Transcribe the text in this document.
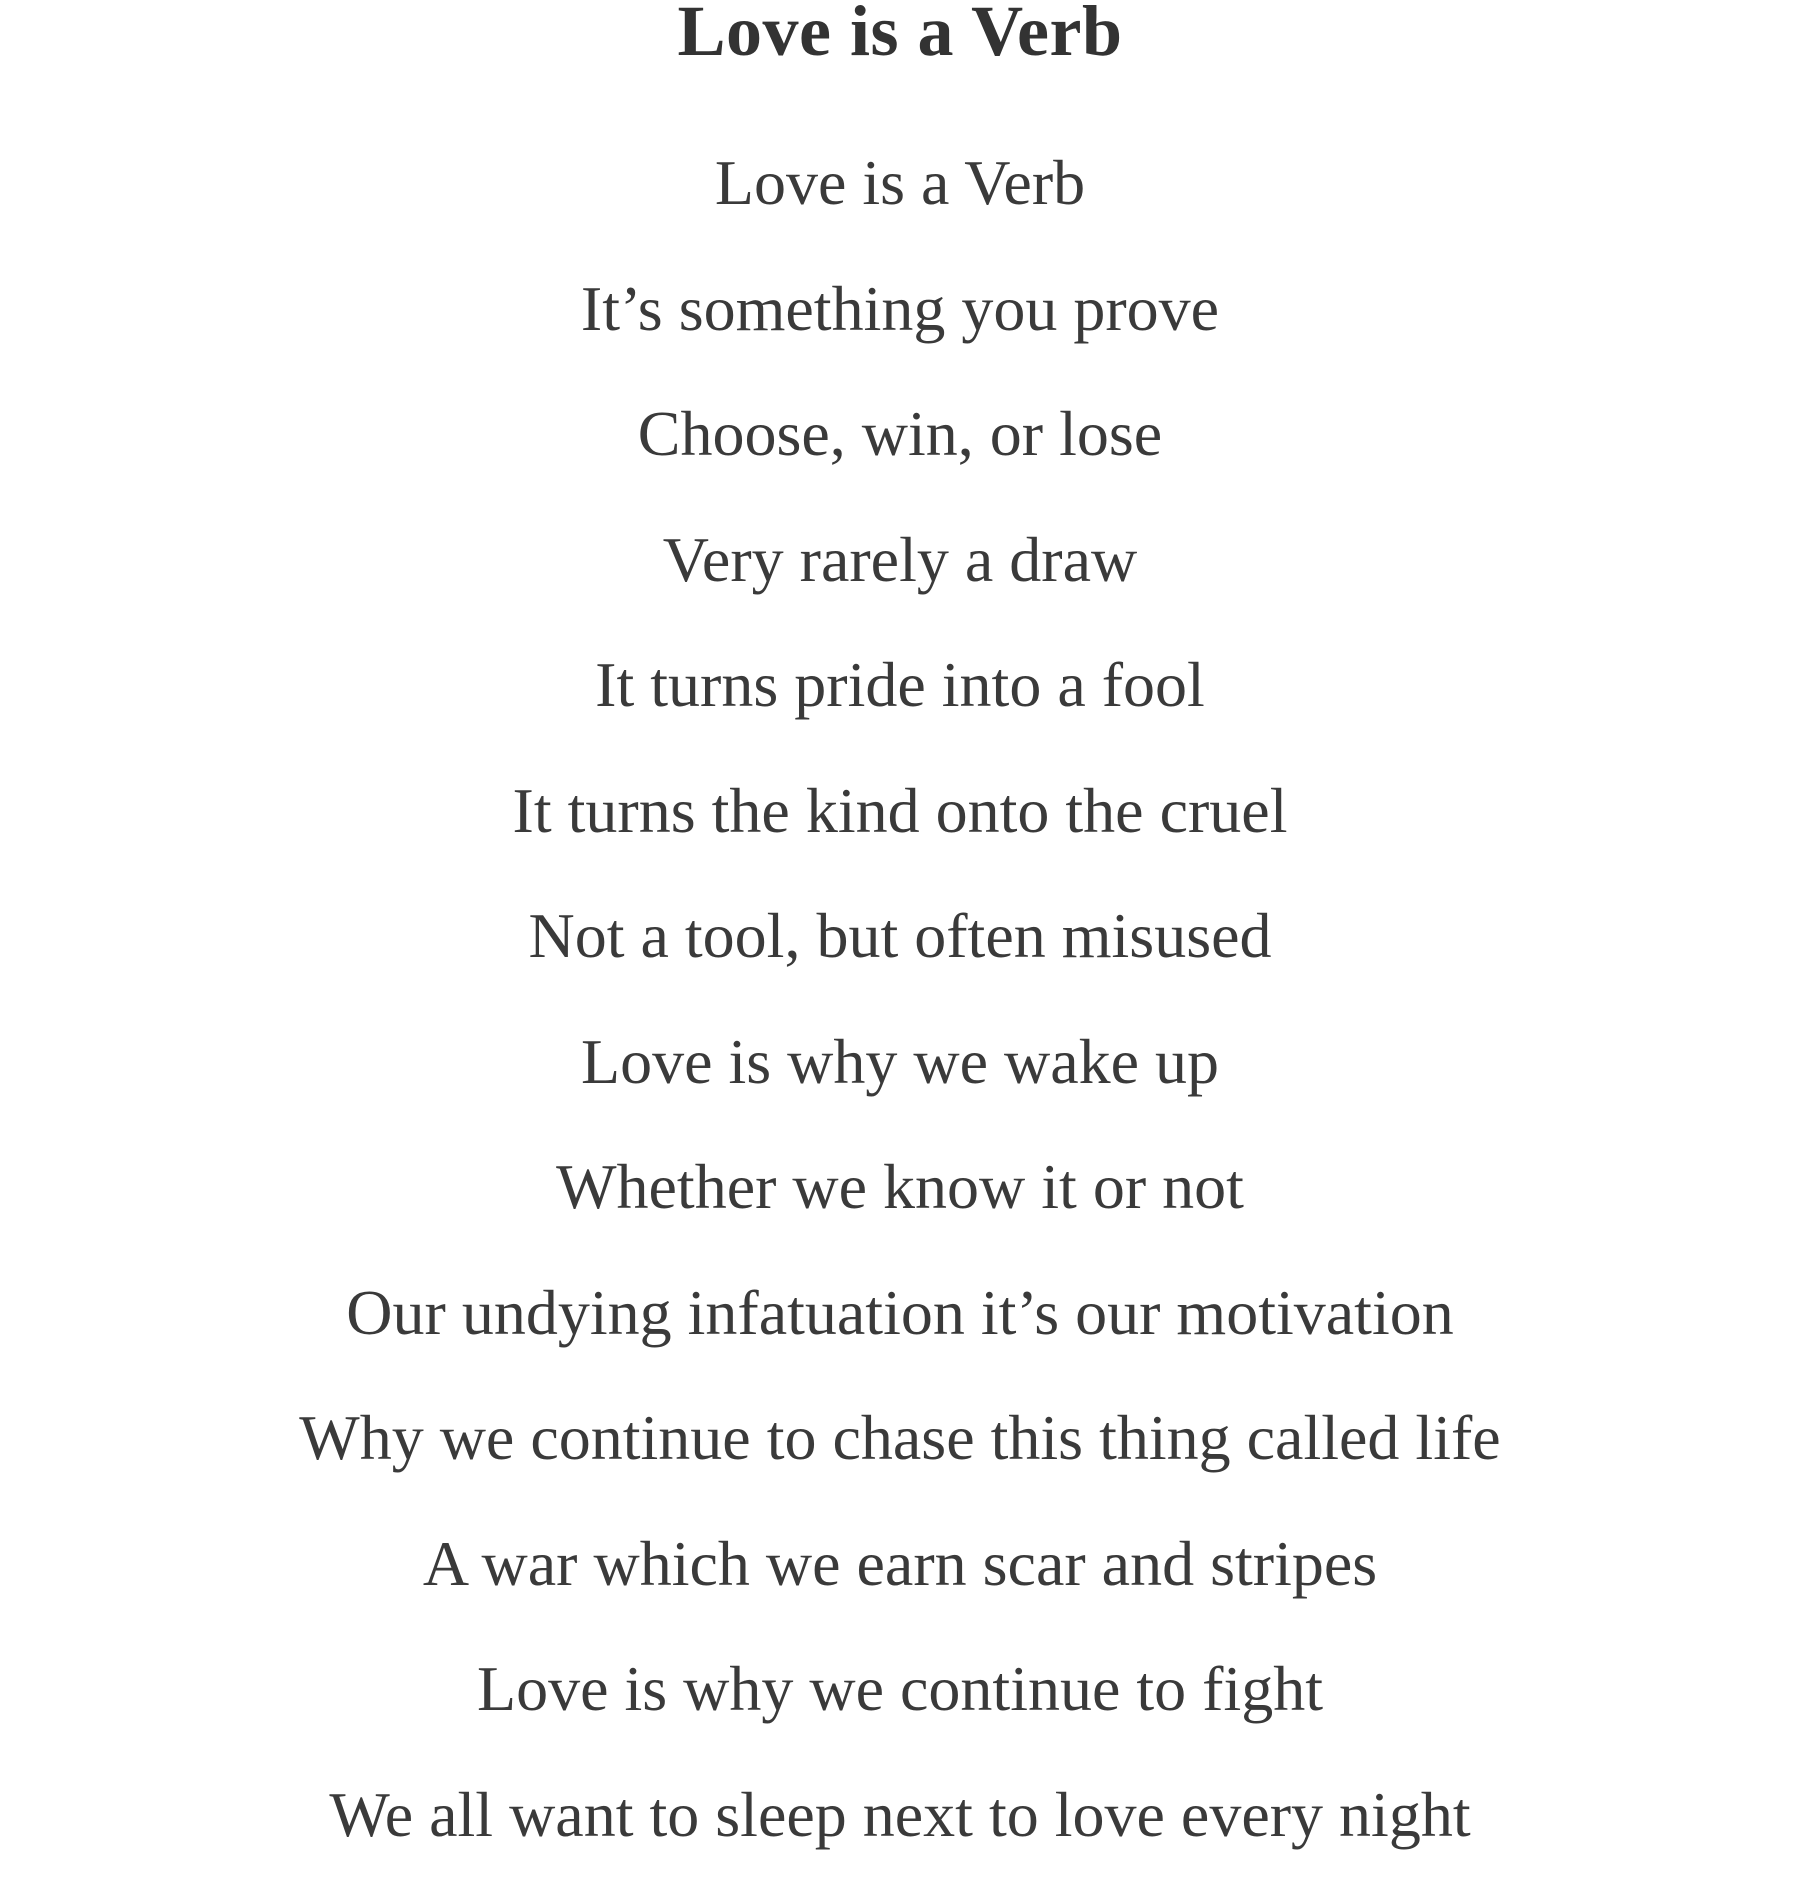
Love is a Verb
Love is a Verb
It’s something you prove
Choose, win, or lose
Very rarely a draw
It turns pride into a fool
It turns the kind onto the cruel
Not a tool, but often misused
Love is why we wake up
Whether we know it or not
Our undying infatuation it’s our motivation
Why we continue to chase this thing called life
A war which we earn scar and stripes
Love is why we continue to fight
We all want to sleep next to love every night
